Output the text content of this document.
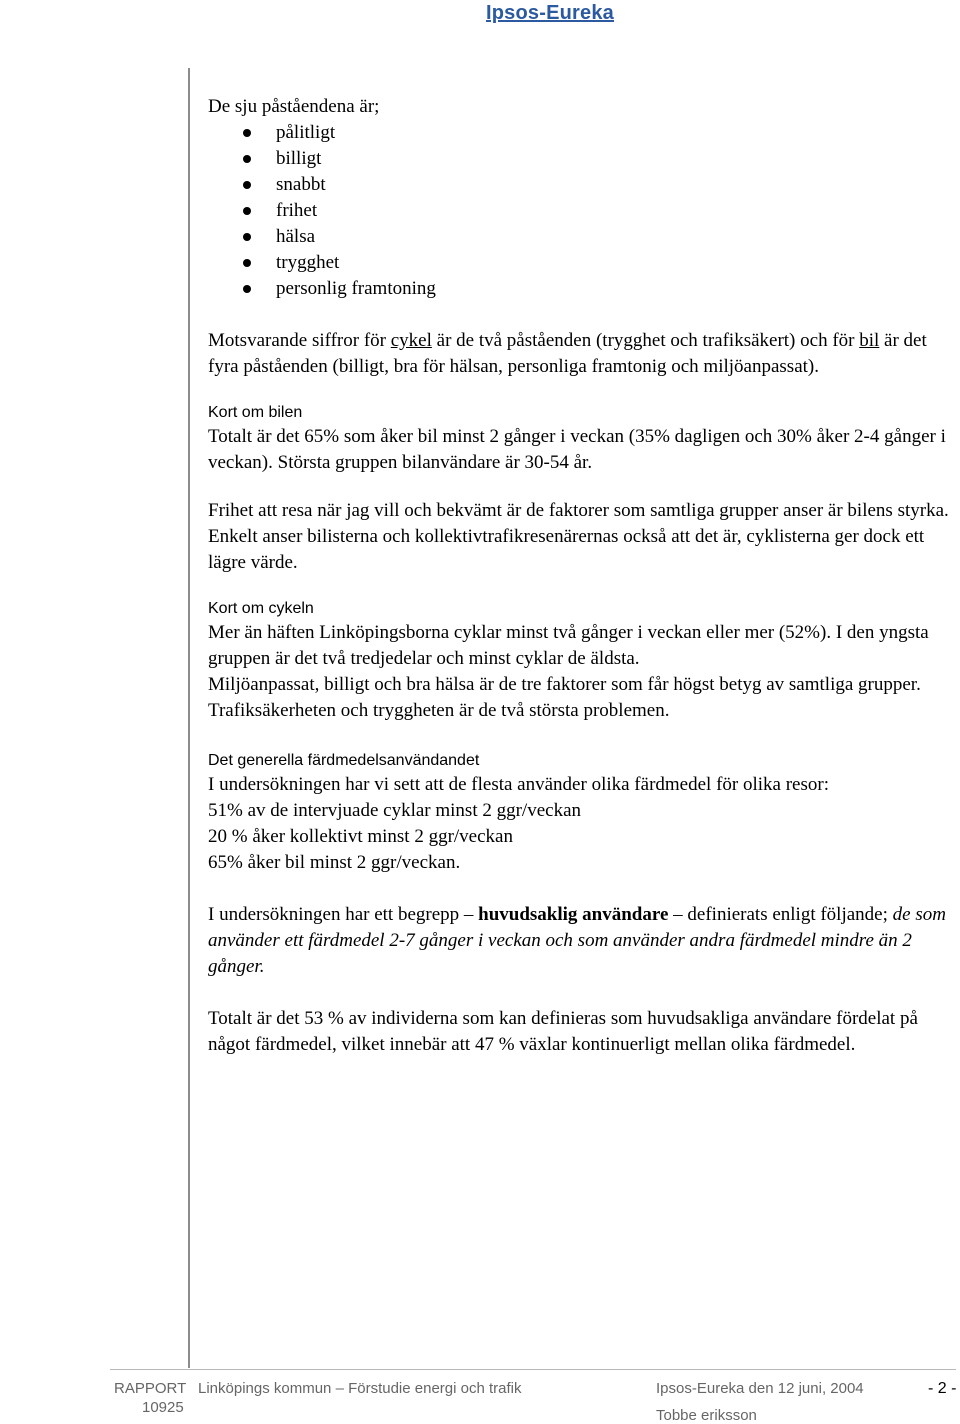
Ipsos-Eureka

De sju påståendena är;

pålitligt
billigt
snabbt
frihet
hälsa
trygghet
personlig framtoning

Motsvarande siffror för cykel är de två påståenden (trygghet och trafiksäkert) och för bil är det fyra påståenden (billigt, bra för hälsan, personliga framtonig och miljöanpassat).

Kort om bilen

Totalt är det 65% som åker bil minst 2 gånger i veckan (35% dagligen och 30% åker 2-4 gånger i veckan). Största gruppen bilanvändare är 30-54 år.

Frihet att resa när jag vill och bekvämt är de faktorer som samtliga grupper anser är bilens styrka. Enkelt anser bilisterna och kollektivtrafikresenärernas också att det är, cyklisterna ger dock ett lägre värde.

Kort om cykeln

Mer än häften Linköpingsborna cyklar minst två gånger i veckan eller mer (52%). I den yngsta gruppen är det två tredjedelar och minst cyklar de äldsta.

Miljöanpassat, billigt och bra hälsa är de tre faktorer som får högst betyg av samtliga grupper. Trafiksäkerheten och tryggheten är de två största problemen.

Det generella färdmedelsanvändandet

I undersökningen har vi sett att de flesta använder olika färdmedel för olika resor:

51% av de intervjuade cyklar minst 2 ggr/veckan

20 % åker kollektivt minst 2 ggr/veckan

65% åker bil minst 2 ggr/veckan.

I undersökningen har ett begrepp – huvudsaklig användare – definierats enligt följande; de som använder ett färdmedel 2-7 gånger i veckan och som använder andra färdmedel mindre än 2 gånger.

Totalt är det 53 % av individerna som kan definieras som huvudsakliga användare fördelat på något färdmedel, vilket innebär att 47 % växlar kontinuerligt mellan olika färdmedel.

RAPPORT
10925
Linköpings kommun – Förstudie energi och trafik	Ipsos-Eureka den 12 juni, 2004
Tobbe eriksson
- 2 -
